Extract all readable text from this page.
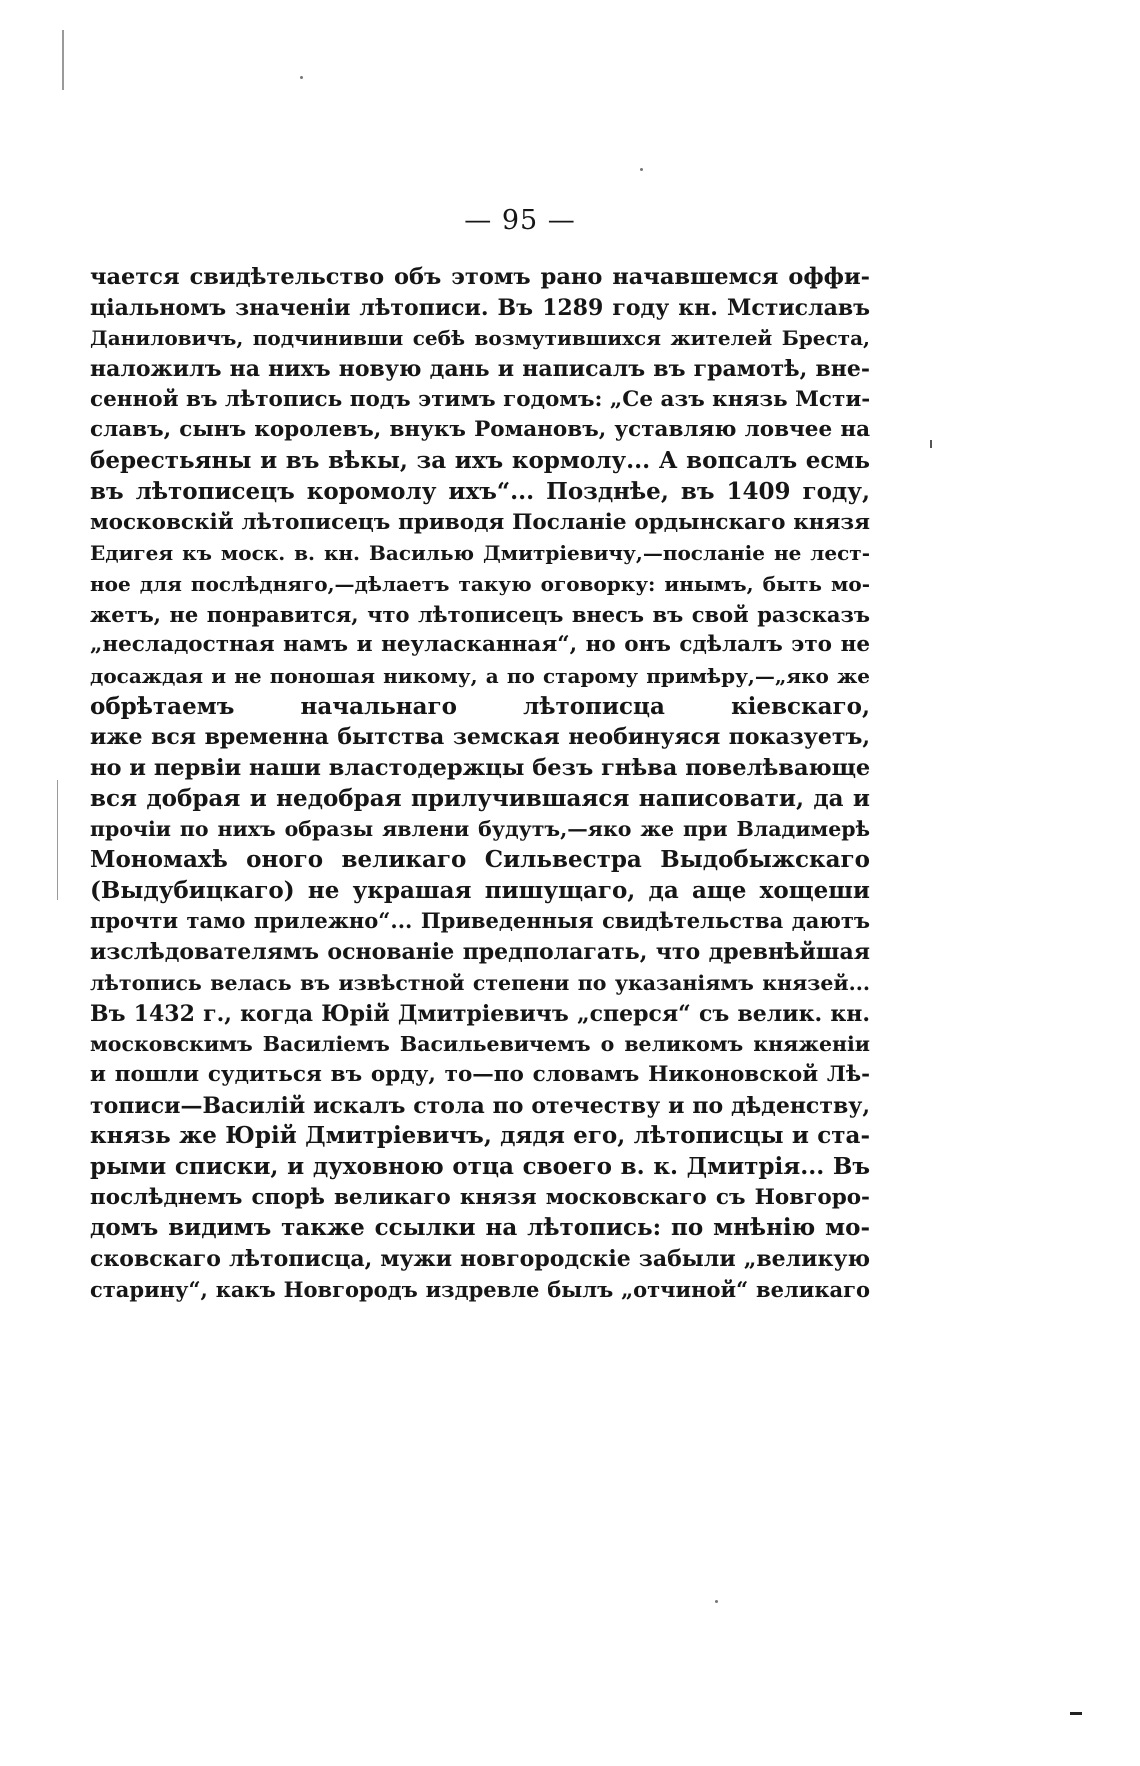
— 95 —
чается свидѣтельство объ этомъ рано начавшемся оффи-
ціальномъ значеніи лѣтописи. Въ 1289 году кн. Мстиславъ
Даниловичъ, подчинивши себѣ возмутившихся жителей Бреста,
наложилъ на нихъ новую дань и написалъ въ грамотѣ, вне-
сенной въ лѣтопись подъ этимъ годомъ: „Се азъ князь Мсти-
славъ, сынъ королевъ, внукъ Романовъ, уставляю ловчее на
берестьяны и въ вѣкы, за ихъ кормолу... А вопсалъ есмь
въ лѣтописецъ коромолу ихъ“... Позднѣе, въ 1409 году,
московскій лѣтописецъ приводя Посланіе ордынскаго князя
Едигея къ моск. в. кн. Василью Дмитріевичу,—посланіе не лест-
ное для послѣдняго,—дѣлаетъ такую оговорку: инымъ, быть мо-
жетъ, не понравится, что лѣтописецъ внесъ въ свой разсказъ
„несладостная намъ и неуласканная“, но онъ сдѣлалъ это не
досаждая и не поношая никому, а по старому примѣру,—„яко же
обрѣтаемъ начальнаго лѣтописца кіевскаго,
иже вся временна бытства земская необинуяся показуетъ,
но и первіи наши властодержцы безъ гнѣва повелѣвающе
вся добрая и недобрая прилучившаяся написовати, да и
прочіи по нихъ образы явлени будутъ,—яко же при Владимерѣ
Мономахѣ оного великаго Сильвестра Выдобыжскаго
(Выдубицкаго) не украшая пишущаго, да аще хощеши
прочти тамо прилежно“... Приведенныя свидѣтельства даютъ
изслѣдователямъ основаніе предполагать, что древнѣйшая
лѣтопись велась въ извѣстной степени по указаніямъ князей...
Въ 1432 г., когда Юрій Дмитріевичъ „сперся“ съ велик. кн.
московскимъ Василіемъ Васильевичемъ о великомъ княженіи
и пошли судиться въ орду, то—по словамъ Никоновской Лѣ-
тописи—Василій искалъ стола по отечеству и по дѣденству,
князь же Юрій Дмитріевичъ, дядя его, лѣтописцы и ста-
рыми списки, и духовною отца своего в. к. Дмитрія... Въ
послѣднемъ спорѣ великаго князя московскаго съ Новгоро-
домъ видимъ также ссылки на лѣтопись: по мнѣнію мо-
сковскаго лѣтописца, мужи новгородскіе забыли „великую
старину“, какъ Новгородъ издревле былъ „отчиной“ великаго
